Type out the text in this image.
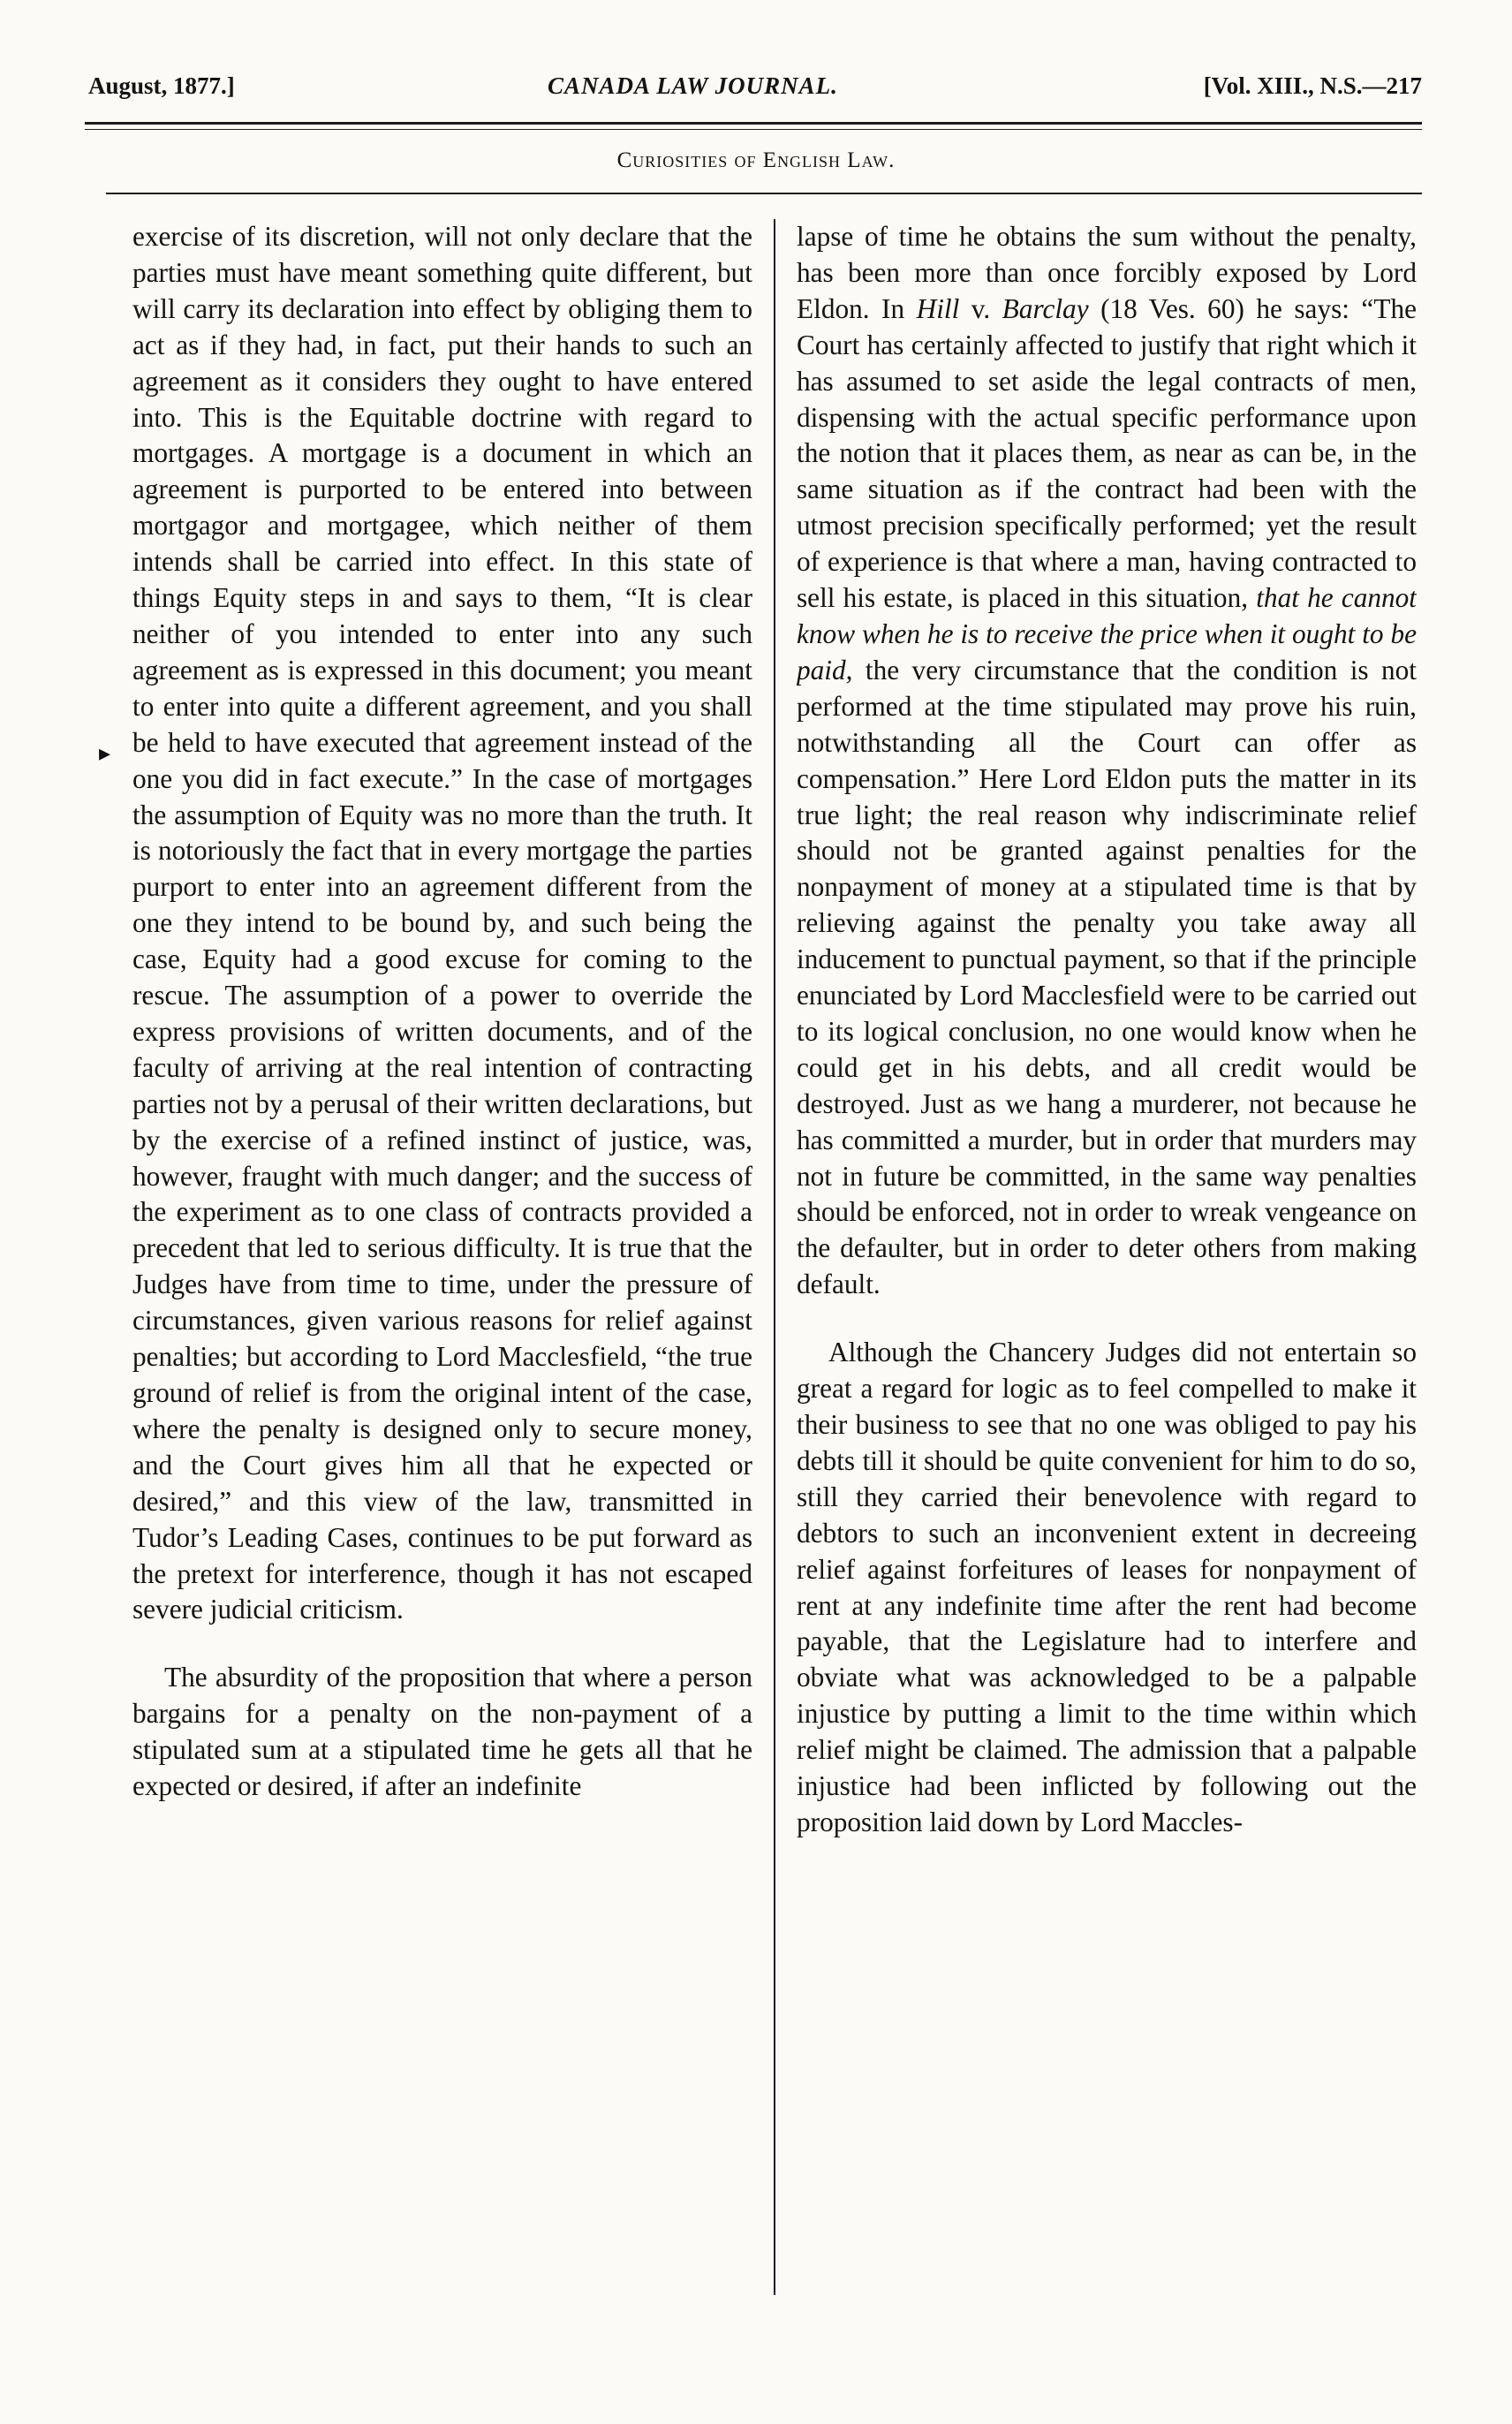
August, 1877.]	CANADA LAW JOURNAL.	[Vol. XIII., N.S.—217
Curiosities of English Law.
▸

exercise of its discretion, will not only declare that the parties must have meant something quite different, but will carry its declaration into effect by obliging them to act as if they had, in fact, put their hands to such an agreement as it considers they ought to have entered into. This is the Equitable doctrine with regard to mortgages. A mortgage is a document in which an agreement is purported to be entered into between mortgagor and mortgagee, which neither of them intends shall be carried into effect. In this state of things Equity steps in and says to them, “It is clear neither of you intended to enter into any such agreement as is expressed in this document; you meant to enter into quite a different agreement, and you shall be held to have executed that agreement instead of the one you did in fact execute.” In the case of mortgages the assumption of Equity was no more than the truth. It is notoriously the fact that in every mortgage the parties purport to enter into an agreement different from the one they intend to be bound by, and such being the case, Equity had a good excuse for coming to the rescue. The assumption of a power to override the express provisions of written documents, and of the faculty of arriving at the real intention of contracting parties not by a perusal of their written declarations, but by the exercise of a refined instinct of justice, was, however, fraught with much danger; and the success of the experiment as to one class of contracts provided a precedent that led to serious difficulty. It is true that the Judges have from time to time, under the pressure of circumstances, given various reasons for relief against penalties; but according to Lord Macclesfield, “the true ground of relief is from the original intent of the case, where the penalty is designed only to secure money, and the Court gives him all that he expected or desired,” and this view of the law, transmitted in Tudor’s Leading Cases, continues to be put forward as the pretext for interference, though it has not escaped severe judicial criticism.

The absurdity of the proposition that where a person bargains for a penalty on the non-payment of a stipulated sum at a stipulated time he gets all that he expected or desired, if after an indefinite

lapse of time he obtains the sum without the penalty, has been more than once forcibly exposed by Lord Eldon. In Hill v. Barclay (18 Ves. 60) he says: “The Court has certainly affected to justify that right which it has assumed to set aside the legal contracts of men, dispensing with the actual specific performance upon the notion that it places them, as near as can be, in the same situation as if the contract had been with the utmost precision specifically performed; yet the result of experience is that where a man, having contracted to sell his estate, is placed in this situation, that he cannot know when he is to receive the price when it ought to be paid, the very circumstance that the condition is not performed at the time stipulated may prove his ruin, notwithstanding all the Court can offer as compensation.” Here Lord Eldon puts the matter in its true light; the real reason why indiscriminate relief should not be granted against penalties for the nonpayment of money at a stipulated time is that by relieving against the penalty you take away all inducement to punctual payment, so that if the principle enunciated by Lord Macclesfield were to be carried out to its logical conclusion, no one would know when he could get in his debts, and all credit would be destroyed. Just as we hang a murderer, not because he has committed a murder, but in order that murders may not in future be committed, in the same way penalties should be enforced, not in order to wreak vengeance on the defaulter, but in order to deter others from making default.

Although the Chancery Judges did not entertain so great a regard for logic as to feel compelled to make it their business to see that no one was obliged to pay his debts till it should be quite convenient for him to do so, still they carried their benevolence with regard to debtors to such an inconvenient extent in decreeing relief against forfeitures of leases for nonpayment of rent at any indefinite time after the rent had become payable, that the Legislature had to interfere and obviate what was acknowledged to be a palpable injustice by putting a limit to the time within which relief might be claimed. The admission that a palpable injustice had been inflicted by following out the proposition laid down by Lord Maccles-
